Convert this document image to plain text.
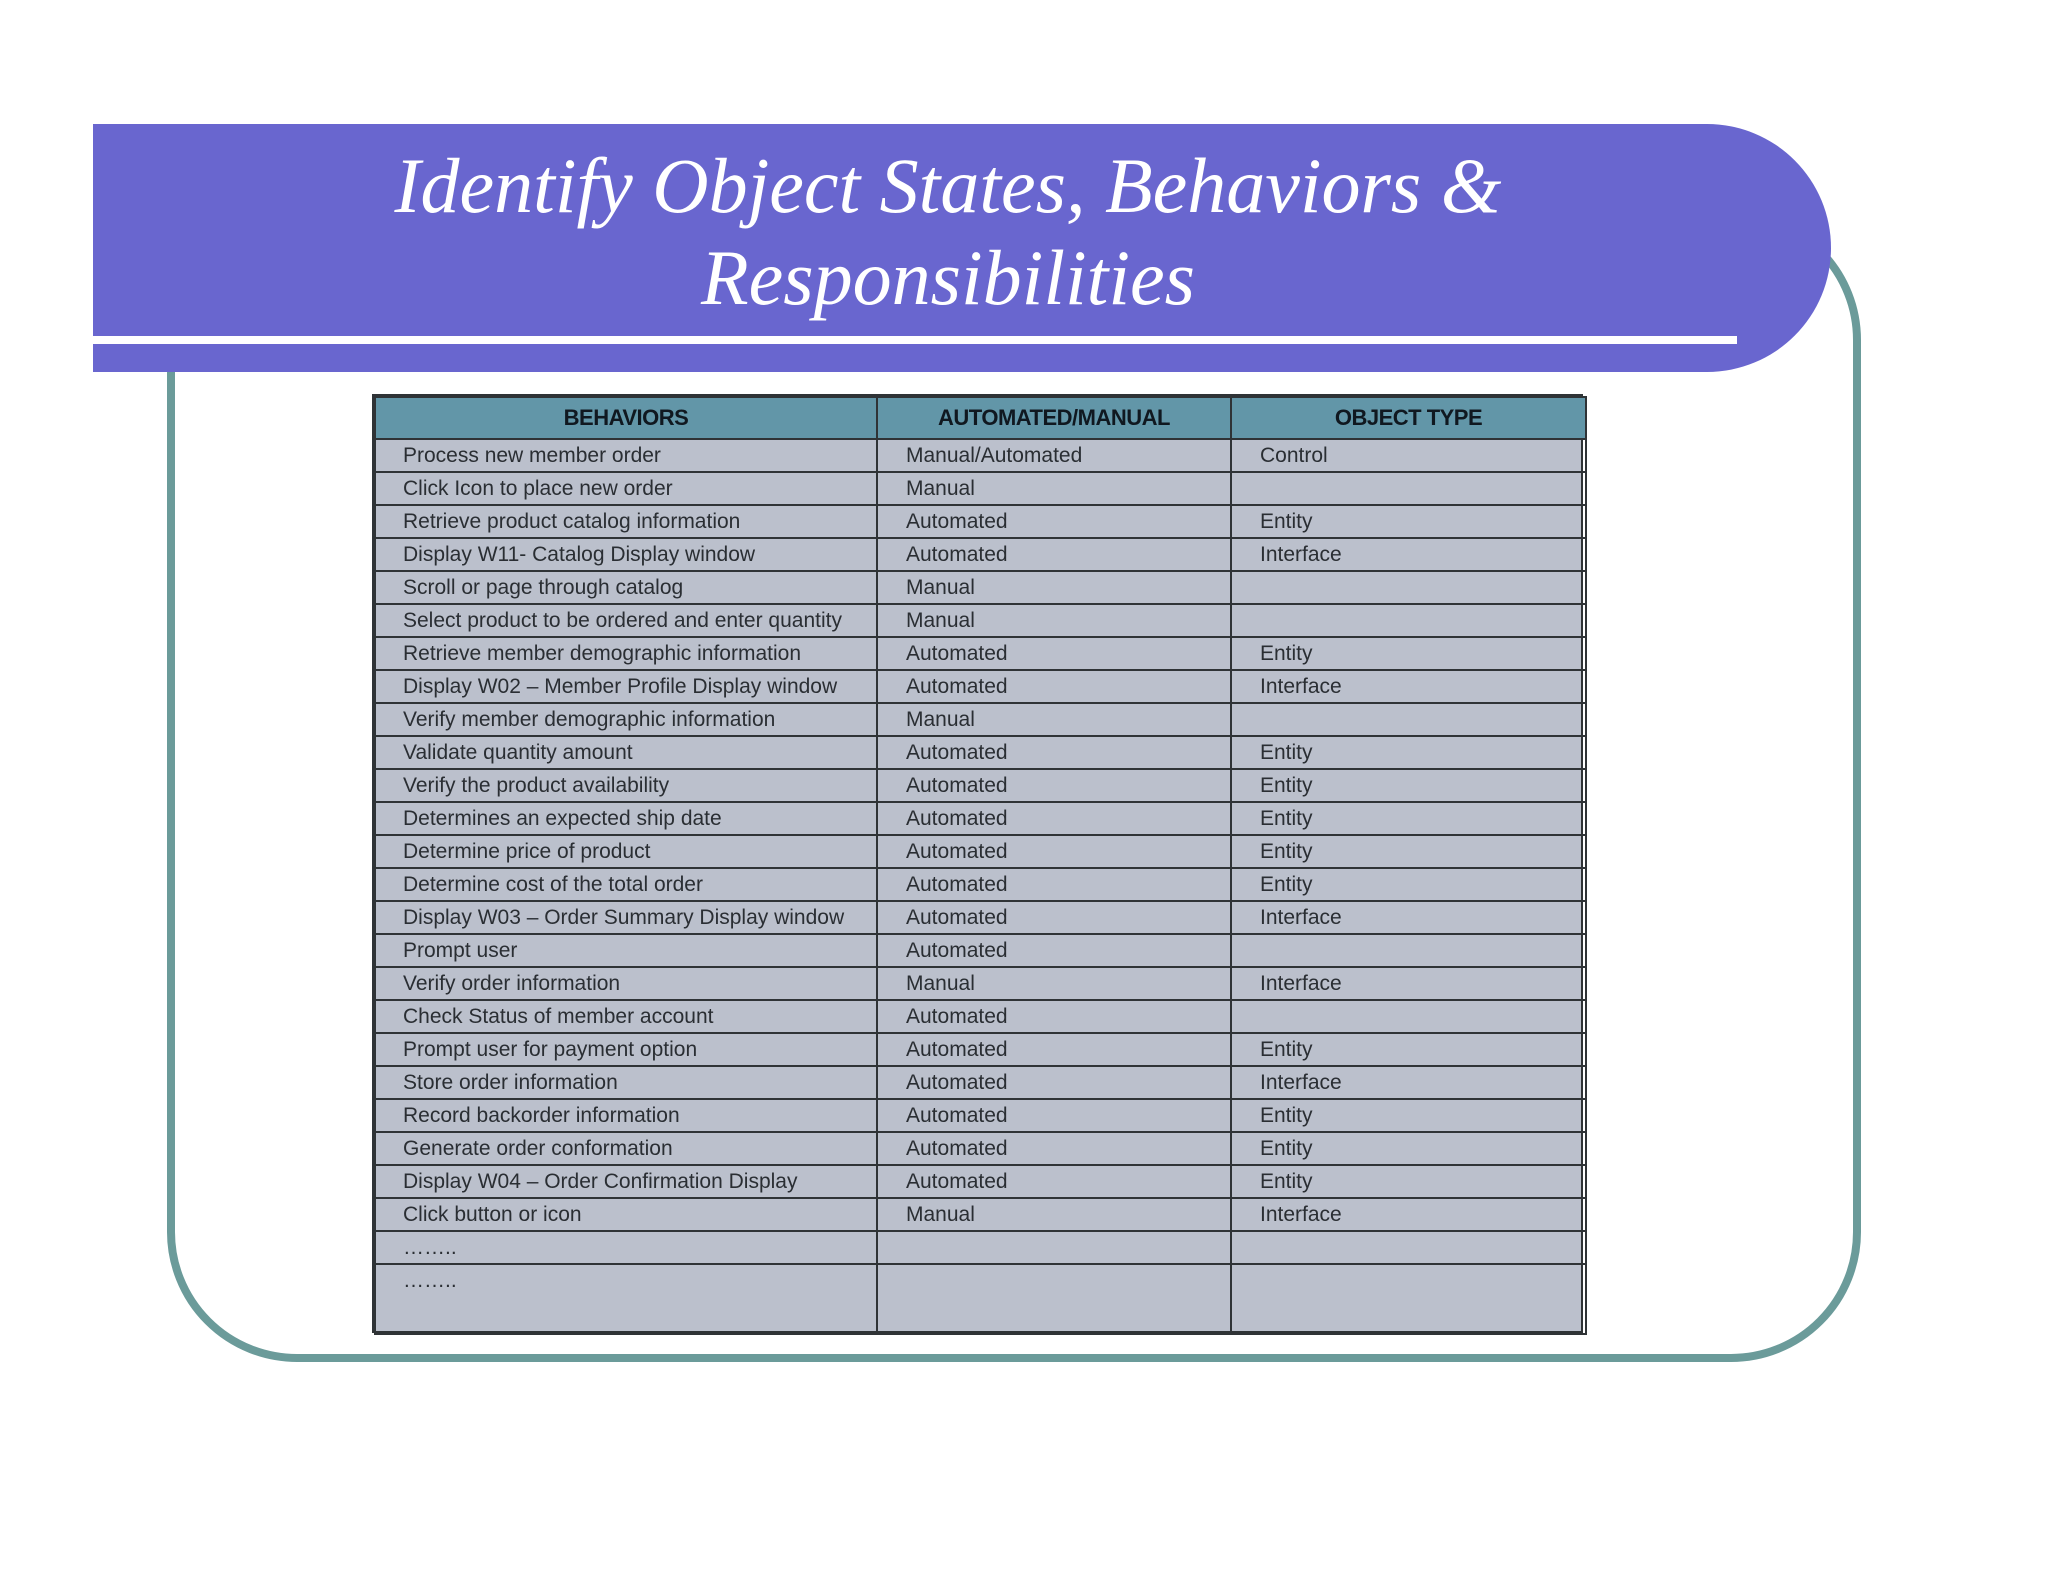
Identify Object States, Behaviors &
Responsibilities
BEHAVIORS	AUTOMATED/MANUAL	OBJECT TYPE
Process new member order	Manual/Automated	Control
Click Icon to place new order	Manual	
Retrieve product catalog information	Automated	Entity
Display W11- Catalog Display window	Automated	Interface
Scroll or page through catalog	Manual	
Select product to be ordered and enter quantity	Manual	
Retrieve member demographic information	Automated	Entity
Display W02 – Member Profile Display window	Automated	Interface
Verify member demographic information	Manual	
Validate quantity amount	Automated	Entity
Verify the product availability	Automated	Entity
Determines an expected ship date	Automated	Entity
Determine price of product	Automated	Entity
Determine cost of the total order	Automated	Entity
Display W03 – Order Summary Display window	Automated	Interface
Prompt user	Automated	
Verify order information	Manual	Interface
Check Status of member account	Automated	
Prompt user for payment option	Automated	Entity
Store order information	Automated	Interface
Record backorder information	Automated	Entity
Generate order conformation	Automated	Entity
Display W04 – Order Confirmation Display	Automated	Entity
Click button or icon	Manual	Interface
……..		
……..		
